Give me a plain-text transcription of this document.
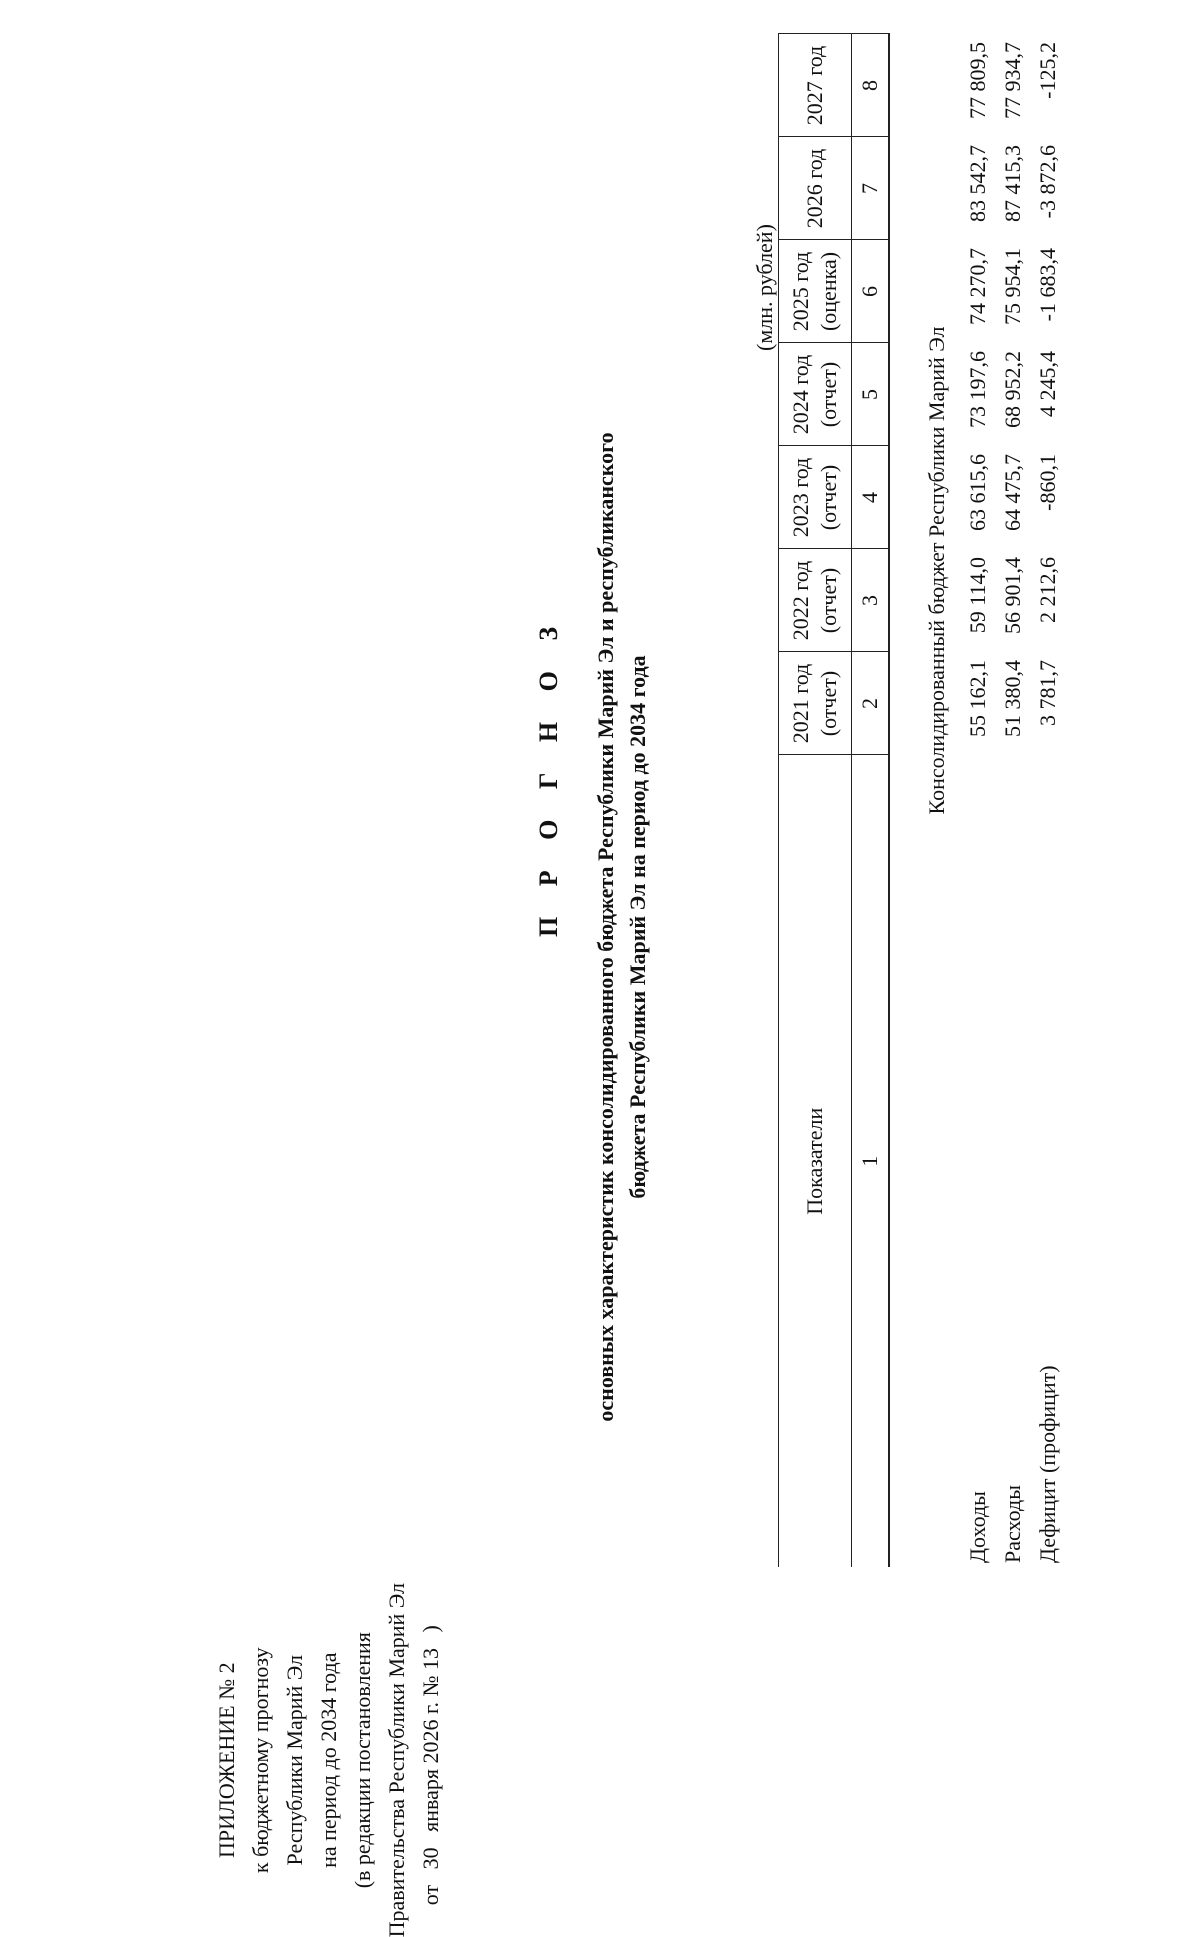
ПРИЛОЖЕНИЕ № 2 к бюджетному прогнозу Республики Марий Эл на период до 2034 года (в редакции постановления Правительства Республики Марий Эл от 30 января 2026 г. № 13 )
П Р О Г Н О З основных характеристик консолидированного бюджета Республики Марий Эл и республиканского бюджета Республики Марий Эл на период до 2034 года
(млн. рублей)
Показатели	2021 год (отчет)	2022 год (отчет)	2023 год (отчет)	2024 год (отчет)	2025 год (оценка)	2026 год	2027 год
1	2	3	4	5	6	7	8
Консолидированный бюджет Республики Марий Эл							
Доходы	55 162,1	59 114,0	63 615,6	73 197,6	74 270,7	83 542,7	77 809,5
Расходы	51 380,4	56 901,4	64 475,7	68 952,2	75 954,1	87 415,3	77 934,7
Дефицит (профицит)	3 781,7	2 212,6	-860,1	4 245,4	-1 683,4	-3 872,6	-125,2
